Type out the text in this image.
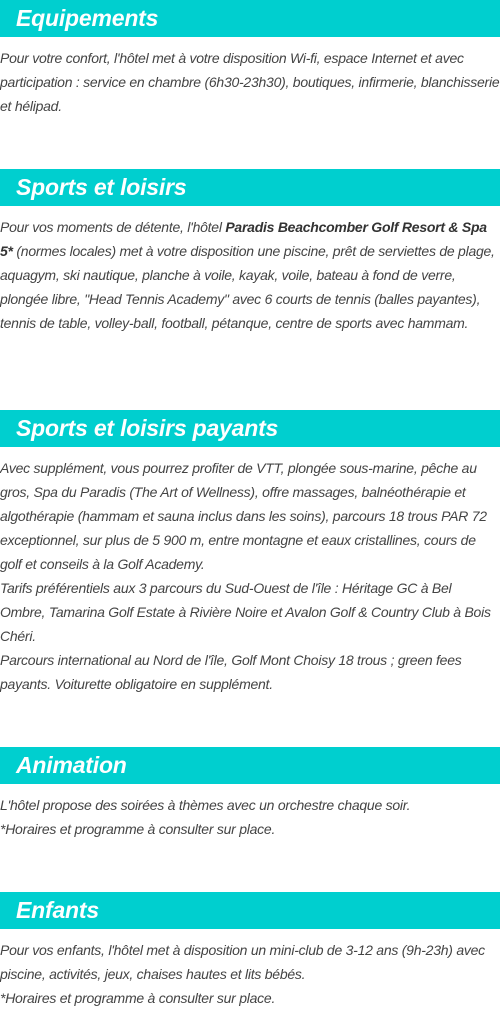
Equipements

Pour votre confort, l'hôtel met à votre disposition Wi-fi, espace Internet et avec participation : service en chambre (6h30-23h30), boutiques, infirmerie, blanchisserie et hélipad.

Sports et loisirs

Pour vos moments de détente, l'hôtel Paradis Beachcomber Golf Resort & Spa 5* (normes locales) met à votre disposition une piscine, prêt de serviettes de plage, aquagym, ski nautique, planche à voile, kayak, voile, bateau à fond de verre, plongée libre, "Head Tennis Academy" avec 6 courts de tennis (balles payantes), tennis de table, volley-ball, football, pétanque, centre de sports avec hammam.

Sports et loisirs payants

Avec supplément, vous pourrez profiter de VTT, plongée sous-marine, pêche au gros, Spa du Paradis (The Art of Wellness), offre massages, balnéothérapie et algothérapie (hammam et sauna inclus dans les soins), parcours 18 trous PAR 72 exceptionnel, sur plus de 5 900 m, entre montagne et eaux cristallines, cours de golf et conseils à la Golf Academy.

Tarifs préférentiels aux 3 parcours du Sud-Ouest de l'île : Héritage GC à Bel Ombre, Tamarina Golf Estate à Rivière Noire et Avalon Golf & Country Club à Bois Chéri.

Parcours international au Nord de l'île, Golf Mont Choisy 18 trous ; green fees payants. Voiturette obligatoire en supplément.

Animation

L'hôtel propose des soirées à thèmes avec un orchestre chaque soir.

*Horaires et programme à consulter sur place.

Enfants

Pour vos enfants, l'hôtel met à disposition un mini-club de 3-12 ans (9h-23h) avec piscine, activités, jeux, chaises hautes et lits bébés.

*Horaires et programme à consulter sur place.
